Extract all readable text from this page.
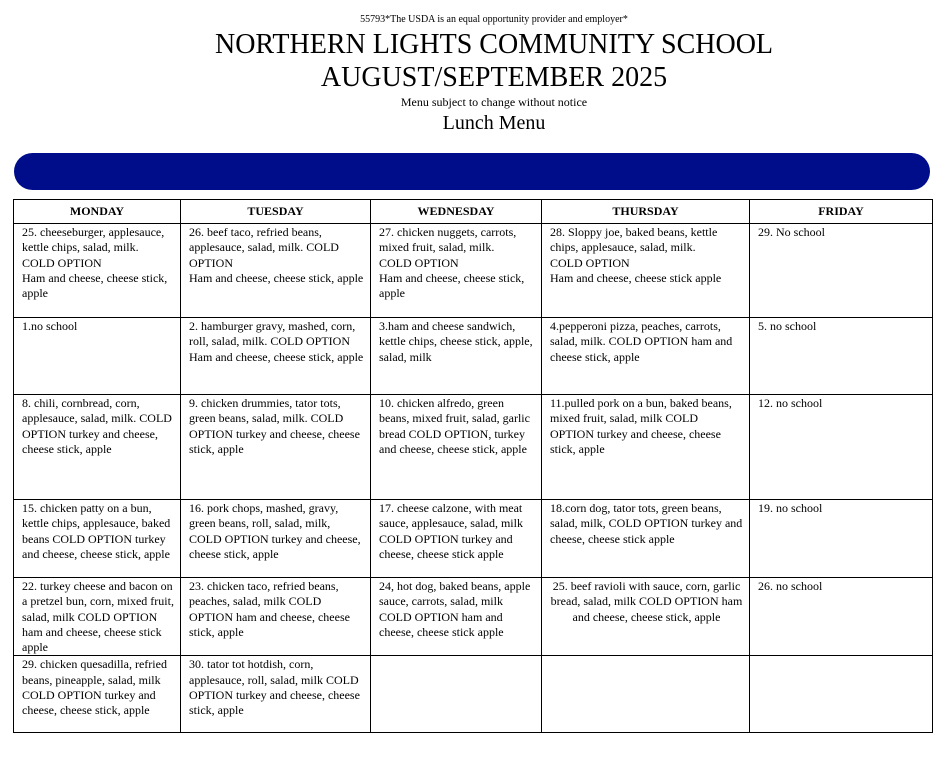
55793*The USDA is an equal opportunity provider and employer*
NORTHERN LIGHTS COMMUNITY SCHOOL
AUGUST/SEPTEMBER 2025
Menu subject to change without notice
Lunch Menu
MONDAY	TUESDAY	WEDNESDAY	THURSDAY	FRIDAY

25. cheeseburger, applesauce, kettle chips, salad, milk.
COLD OPTION
Ham and cheese, cheese stick, apple	26. beef taco, refried beans, applesauce, salad, milk. COLD OPTION
Ham and cheese, cheese stick, apple	27. chicken nuggets, carrots, mixed fruit, salad, milk.
COLD OPTION
Ham and cheese, cheese stick, apple	28. Sloppy joe, baked beans, kettle chips, applesauce, salad, milk.
COLD OPTION
Ham and cheese, cheese stick apple	29. No school

1.no school	2. hamburger gravy, mashed, corn, roll, salad, milk. COLD OPTION
Ham and cheese, cheese stick, apple	3.ham and cheese sandwich, kettle chips, cheese stick, apple, salad, milk	4.pepperoni pizza, peaches, carrots, salad, milk. COLD OPTION ham and cheese stick, apple	5. no school

8. chili, cornbread, corn, applesauce, salad, milk. COLD OPTION turkey and cheese, cheese stick, apple	9. chicken drummies, tator tots, green beans, salad, milk. COLD OPTION turkey and cheese, cheese stick, apple	10. chicken alfredo, green beans, mixed fruit, salad, garlic bread COLD OPTION, turkey and cheese, cheese stick, apple	11.pulled pork on a bun, baked beans, mixed fruit, salad, milk COLD OPTION turkey and cheese, cheese stick, apple	12. no school

15. chicken patty on a bun, kettle chips, applesauce, baked beans COLD OPTION turkey and cheese, cheese stick, apple	16. pork chops, mashed, gravy, green beans, roll, salad, milk, COLD OPTION turkey and cheese, cheese stick, apple	17. cheese calzone, with meat sauce, applesauce, salad, milk COLD OPTION turkey and cheese, cheese stick apple	18.corn dog, tator tots, green beans, salad, milk, COLD OPTION turkey and cheese, cheese stick apple	19. no school

22. turkey cheese and bacon on a pretzel bun, corn, mixed fruit, salad, milk COLD OPTION ham and cheese, cheese stick apple	23. chicken taco, refried beans, peaches, salad, milk COLD OPTION ham and cheese, cheese stick, apple	24, hot dog, baked beans, apple sauce, carrots, salad, milk COLD OPTION ham and cheese, cheese stick apple	25. beef ravioli with sauce, corn, garlic bread, salad, milk COLD OPTION ham and cheese, cheese stick, apple	26. no school

29. chicken quesadilla, refried beans, pineapple, salad, milk COLD OPTION turkey and cheese, cheese stick, apple	30. tator tot hotdish, corn, applesauce, roll, salad, milk COLD OPTION turkey and cheese, cheese stick, apple			
